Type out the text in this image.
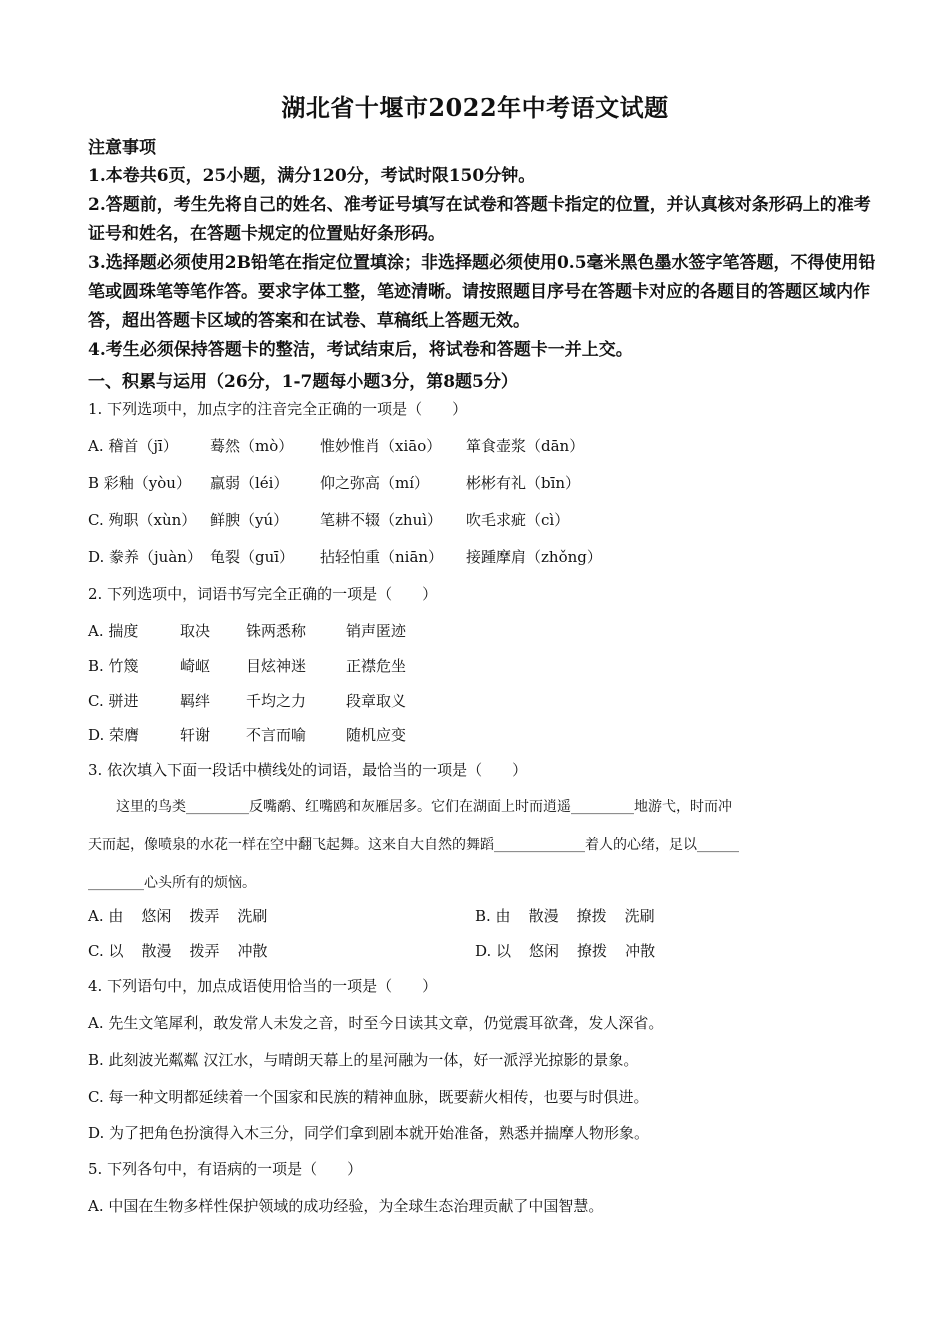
湖北省十堰市2022年中考语文试题
注意事项
1.本卷共6页，25小题，满分120分，考试时限150分钟。
2.答题前，考生先将自己的姓名、准考证号填写在试卷和答题卡指定的位置，并认真核对条形码上的准考证号和姓名，在答题卡规定的位置贴好条形码。
3.选择题必须使用2B铅笔在指定位置填涂；非选择题必须使用0.5毫米黑色墨水签字笔答题，不得使用铅笔或圆珠笔等笔作答。要求字体工整，笔迹清晰。请按照题目序号在答题卡对应的各题目的答题区域内作答，超出答题卡区域的答案和在试卷、草稿纸上答题无效。
4.考生必须保持答题卡的整洁，考试结束后，将试卷和答题卡一并上交。
一、积累与运用（26分，1-7题每小题3分，第8题5分）
1. 下列选项中，加点字的注音完全正确的一项是（　　）
A. 稽首（jī） 蓦然（mò） 惟妙惟肖（xiāo） 箪食壶浆（dān）
B 彩釉（yòu） 羸弱（léi） 仰之弥高（mí） 彬彬有礼（bīn）
C. 殉职（xùn） 鲜腴（yú） 笔耕不辍（zhuì） 吹毛求疵（cì）
D. 豢养（juàn） 龟裂（guī） 拈轻怕重（niān） 接踵摩肩（zhǒng）
2. 下列选项中，词语书写完全正确的一项是（　　）
A. 揣度	取决 铢两悉称	销声匿迹
B. 竹篾	崎岖 目炫神迷	正襟危坐
C. 骈进	羁绊 千均之力	段章取义
D. 荣膺	轩谢 不言而喻	随机应变
3. 依次填入下面一段话中横线处的词语，最恰当的一项是（　　）
　　这里的鸟类_________反嘴鹬、红嘴鸥和灰雁居多。它们在湖面上时而逍遥_________地游弋，时而冲
天而起，像喷泉的水花一样在空中翻飞起舞。这来自大自然的舞蹈_____________着人的心绪，足以______
________心头所有的烦恼。
A. 由 悠闲 拨弄 洗刷	B. 由 散漫 撩拨 洗刷
C. 以 散漫 拨弄 冲散	D. 以 悠闲 撩拨 冲散
4. 下列语句中，加点成语使用恰当的一项是（　　）
A. 先生文笔犀利，敢发常人未发之音，时至今日读其文章，仍觉震耳欲聋，发人深省。
B. 此刻波光粼粼 汉江水，与晴朗天幕上的星河融为一体，好一派浮光掠影的景象。
C. 每一种文明都延续着一个国家和民族的精神血脉，既要薪火相传，也要与时俱进。
D. 为了把角色扮演得入木三分，同学们拿到剧本就开始准备，熟悉并揣摩人物形象。
5. 下列各句中，有语病的一项是（　　）
A. 中国在生物多样性保护领域的成功经验，为全球生态治理贡献了中国智慧。
